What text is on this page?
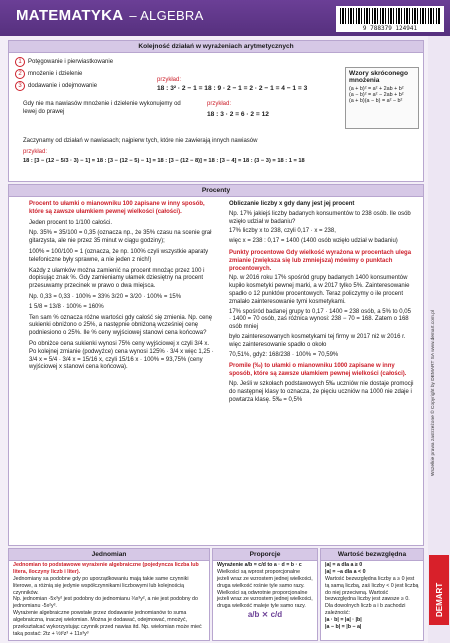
MATEMATYKA – ALGEBRA
9 788379 124941
Wszelkie prawa zastrzeżone © Copyright by DEMART SA www.demart.com.pl
DEMART
Kolejność działań w wyrażeniach arytmetycznych
1 Potęgowanie i pierwiastkowanie
2 mnożenie i dzielenie
3 dodawanie i odejmowanie
przykład:
18 : 3² · 2 − 1 = 18 : 9 · 2 − 1 = 2 · 2 − 1 = 4 − 1 = 3
Gdy nie ma nawiasów mnożenie i dzielenie wykonujemy od lewej do prawej
przykład:
18 : 3 · 2 = 6 · 2 = 12
Zaczynamy od działań w nawiasach; najpierw tych, które nie zawierają innych nawiasów
przykład:
18 : [3 − (12 − 5/3 · 3) − 1] = 18 : [3 − (12 − 5) − 1] = 18 : [3 − (12 − 8)] = 18 : [3 − 4] = 18 : (3 − 3) = 18 : 1 = 18
Wzory skróconego mnożenia
(a + b)² = a² + 2ab + b²
(a − b)² = a² − 2ab + b²
(a + b)(a − b) = a² − b²
Procenty
Procent to ułamki o mianowniku 100 zapisane w inny sposób, które są zawsze ułamkiem pewnej wielkości (całości).
Jeden procent to 1/100 całości.
Np. 35% = 35/100 = 0,35 (oznacza np., że 35% czasu na scenie grał gitarzysta, ale nie przez 35 minut w ciągu godziny);
100% = 100/100 = 1 (oznacza, że np. 100% czyli wszystkie aparaty telefoniczne były sprawne, a nie jeden z nich!)
Każdy z ułamków można zamienić na procent mnożąc przez 100 i dopisując znak %. Gdy zamieniamy ułamek dziesiętny na procent przesuwamy przecinek w prawo o dwa miejsca.
Np. 0,33 = 0,33 · 100% = 33% 3/20 = 3/20 · 100% = 15%
1 5/8 = 13/8 · 100% = 160%
Ten sam % oznacza różne wartości gdy całość się zmienia. Np. cenę sukienki obniżono o 25%, a następnie obniżoną wcześniej cenę podniesiono o 25%. Ile % ceny wyjściowej stanowi cena końcowa?
Po obniżce cena sukienki wynosi 75% ceny wyjściowej x czyli 3/4 x. Po kolejnej zmianie (podwyżce) cena wynosi 125% · 3/4 x więc 1,25 · 3/4 x = 5/4 · 3/4 x = 15/16 x, czyli 15/16 x · 100% = 93,75% (ceny wyjściowej x stanowi cena końcowa).
Obliczanie liczby x gdy dany jest jej procent
Np. 17% jakiejś liczby badanych konsumentów to 238 osób. Ile osób wzięło udział w badaniu?
17% liczby x to 238, czyli 0,17 · x = 238,
więc x = 238 : 0,17 = 1400 (1400 osób wzięło udział w badaniu)
Punkty procentowe Gdy wielkość wyrażona w procentach ulega zmianie (zwiększa się lub zmniejsza) mówimy o punktach procentowych.
Np. w 2016 roku 17% spośród grupy badanych 1400 konsumentów kupiło kosmetyki pewnej marki, a w 2017 tylko 5%. Zainteresowanie spadło o 12 punktów procentowych. Teraz policzymy o ile procent zmalało zainteresowanie tymi kosmetykami.
17% spośród badanej grupy to 0,17 · 1400 = 238 osób, a 5% to 0,05 · 1400 = 70 osób, zaś różnica wynosi: 238 − 70 = 168. Zatem o 168 osób mniej
było zainteresowanych kosmetykami tej firmy w 2017 niż w 2016 r. więc zainteresowanie spadło o około
70,51%, gdyż: 168/238 · 100% = 70,59%
Promile (‰) to ułamki o mianowniku 1000 zapisane w inny sposób, które są zawsze ułamkiem pewnej wielkości (całości).
Np. Jeśli w szkołach podstawowych 5‰ uczniów nie dostaje promocji do następnej klasy to oznacza, że pięciu uczniów na 1000 nie zdaje i powtarza klasę. 5‰ = 0,5%
Jednomian
Jednomian to podstawowe wyrażenie algebraiczne (pojedyncza liczba lub litera, iloczyny liczb i liter).
Jednomiany sa podobne gdy po uporządkowaniu mają takie same czynniki literowe, a różnią się jedynie współczynnikami liczbowymi lub kolejnością czynników.
Np. jednomian -5x³y² jest podobny do jednomianu ⅓x³y², a nie jest podobny do jednomianu -5x²y³.
Wyrażenie algebraiczne powstałe przez dodawanie jednomianów to suma algebraiczna, inaczej wielomian. Można je dodawać, odejmować, mnożyć, przekształcać wykorzystując czynnik przed nawias itd. Np. wielomian może mieć taką postać: 2tz + ½t²z³ + 11x³y³
Proporcje
Wyrażenie a/b = c/d to a · d = b · c
Wielkości są wprost proporcjonalne jeżeli wraz ze wzrostem jednej wielkości, druga wielkość rośnie tyle samo razy.
Wielkości są odwrotnie proporcjonalne jeżeli wraz ze wzrostem jednej wielkości, druga wielkość maleje tyle samo razy.
a/b ⨯ c/d
Wartość bezwzględna
|a| = a dla a ≥ 0
|a| = −a dla a < 0
Wartość bezwzględna liczby a ≥ 0 jest tą samą liczbą, zaś liczby < 0 jest liczbą do niej przeciwną. Wartość bezwzględna liczby jest zawsze ≥ 0.
Dla dowolnych liczb a i b zachodzi zależność:
|a · b| = |a| · |b|
|a − b| = |b − a|
